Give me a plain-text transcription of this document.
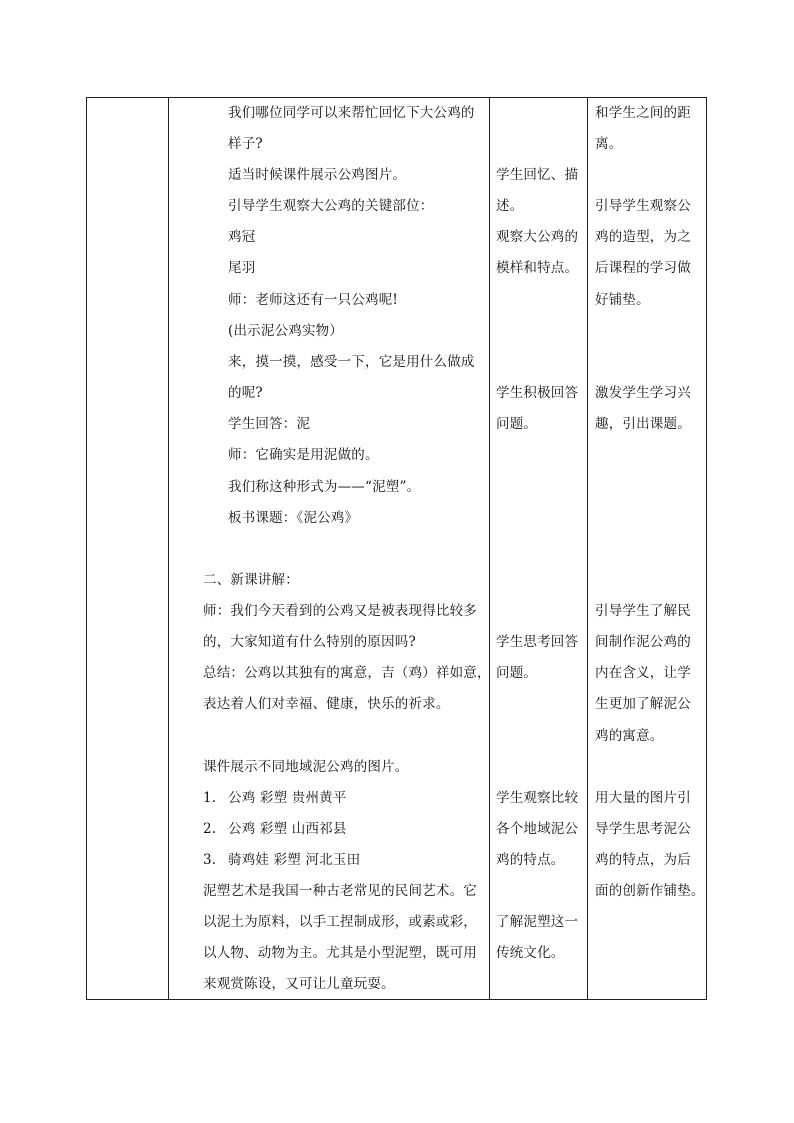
我们哪位同学可以来帮忙回忆下大公鸡的
样子?
适当时候课件展示公鸡图片。
引导学生观察大公鸡的关键部位：
鸡冠
尾羽
师：老师这还有一只公鸡呢!
(出示泥公鸡实物）
来，摸一摸，感受一下，它是用什么做成
的呢?
学生回答：泥
师：它确实是用泥做的。
我们称这种形式为——“泥塑”。
板书课题：《泥公鸡》
二、新课讲解：
师：我们今天看到的公鸡又是被表现得比较多
的，大家知道有什么特别的原因吗?
总结：公鸡以其独有的寓意，吉（鸡）祥如意，
表达着人们对幸福、健康，快乐的祈求。
课件展示不同地域泥公鸡的图片。
1. 公鸡 彩塑 贵州黄平
2. 公鸡 彩塑 山西祁县
3. 骑鸡娃 彩塑 河北玉田
泥塑艺术是我国一种古老常见的民间艺术。它
以泥土为原料，以手工捏制成形，或素或彩，
以人物、动物为主。尤其是小型泥塑，既可用
来观赏陈设，又可让儿童玩耍。
学生回忆、描
述。
观察大公鸡的
模样和特点。
学生积极回答
问题。
学生思考回答
问题。
学生观察比较
各个地域泥公
鸡的特点。
了解泥塑这一
传统文化。
和学生之间的距
离。
引导学生观察公
鸡的造型，为之
后课程的学习做
好铺垫。
激发学生学习兴
趣，引出课题。
引导学生了解民
间制作泥公鸡的
内在含义，让学
生更加了解泥公
鸡的寓意。
用大量的图片引
导学生思考泥公
鸡的特点，为后
面的创新作铺垫。
